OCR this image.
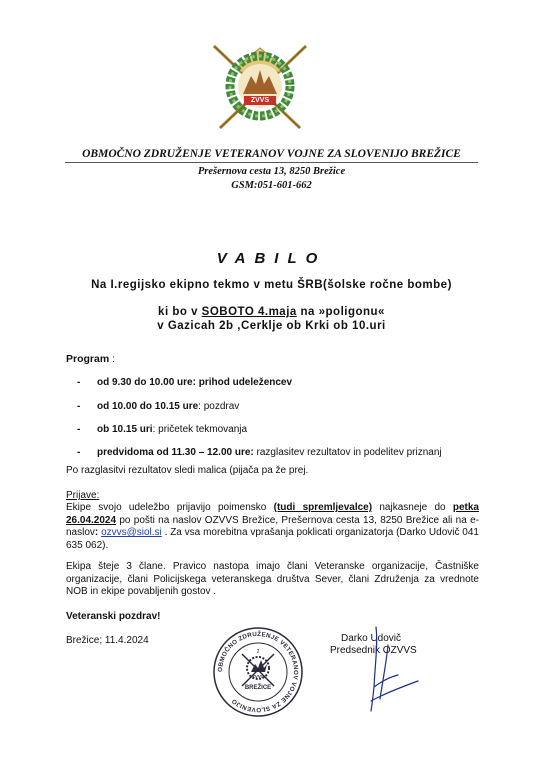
ZVVS
OBMOČNO ZDRUŽENJE VETERANOV VOJNE ZA SLOVENIJO BREŽICE
Prešernova cesta 13, 8250 Brežice
GSM:051-601-662
VABILO
Na I.regijsko ekipno tekmo v metu ŠRB(šolske ročne bombe)
ki bo v SOBOTO 4.maja na »poligonu«
v Gazicah 2b ,Cerklje ob Krki ob 10.uri
Program :
-	od 9.30 do 10.00 ure: prihod udeležencev
-	od 10.00 do 10.15 ure: pozdrav
-	ob 10.15 uri: pričetek tekmovanja
-	predvidoma od 11.30 – 12.00 ure: razglasitev rezultatov in podelitev priznanj
Po razglasitvi rezultatov sledi malica (pijača pa že prej.
Prijave:
Ekipe svojo udeležbo prijavijo poimensko (tudi spremljevalce) najkasneje do petka 26.04.2024 po pošti na naslov OZVVS Brežice, Prešernova cesta 13, 8250 Brežice ali na e-naslov: ozvvs@siol.si . Za vsa morebitna vprašanja poklicati organizatorja (Darko Udovič 041 635 062).
Ekipa šteje 3 člane. Pravico nastopa imajo člani Veteranske organizacije, Častniške organizacije, člani Policijskega veteranskega društva Sever, člani Združenja za vrednote NOB in ekipe povabljenih gostov .
Veteranski pozdrav!
Brežice; 11.4.2024
OBMOČNO ZDRUŽENJE VETERANOV VOJNE ZA SLOVENIJO
2
ZVVS
BREŽICE
Darko Udovič
Predsednik OZVVS
